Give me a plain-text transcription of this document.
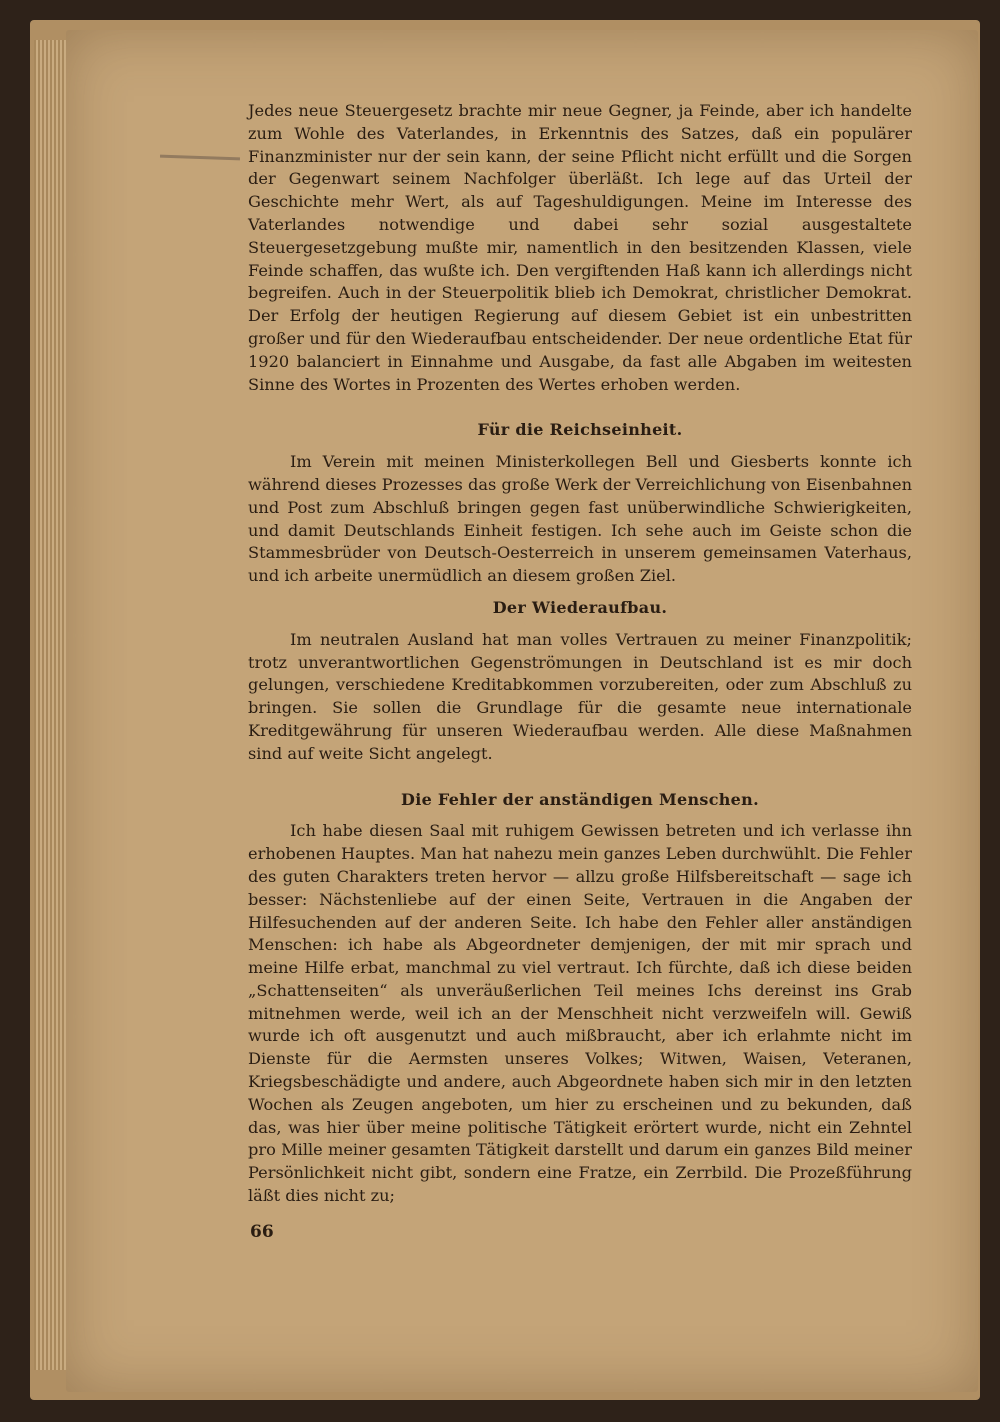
Jedes neue Steuergesetz brachte mir neue Gegner, ja Feinde, aber ich handelte zum Wohle des Vaterlandes, in Erkenntnis des Satzes, daß ein populärer Finanzminister nur der sein kann, der seine Pflicht nicht erfüllt und die Sorgen der Gegenwart seinem Nachfolger überläßt. Ich lege auf das Urteil der Geschichte mehr Wert, als auf Tageshuldigungen. Meine im Interesse des Vaterlandes notwendige und dabei sehr sozial ausgestaltete Steuergesetzgebung mußte mir, namentlich in den besitzenden Klassen, viele Feinde schaffen, das wußte ich. Den vergiftenden Haß kann ich allerdings nicht begreifen. Auch in der Steuerpolitik blieb ich Demokrat, christlicher Demokrat. Der Erfolg der heutigen Regierung auf diesem Gebiet ist ein unbestritten großer und für den Wiederaufbau entscheidender. Der neue ordentliche Etat für 1920 balanciert in Einnahme und Ausgabe, da fast alle Abgaben im weitesten Sinne des Wortes in Prozenten des Wertes erhoben werden.

Für die Reichseinheit.

Im Verein mit meinen Ministerkollegen Bell und Giesberts konnte ich während dieses Prozesses das große Werk der Verreichlichung von Eisenbahnen und Post zum Abschluß bringen gegen fast unüberwindliche Schwierigkeiten, und damit Deutschlands Einheit festigen. Ich sehe auch im Geiste schon die Stammesbrüder von Deutsch-Oesterreich in unserem gemeinsamen Vaterhaus, und ich arbeite unermüdlich an diesem großen Ziel.

Der Wiederaufbau.

Im neutralen Ausland hat man volles Vertrauen zu meiner Finanzpolitik; trotz unverantwortlichen Gegenströmungen in Deutschland ist es mir doch gelungen, verschiedene Kreditabkommen vorzubereiten, oder zum Abschluß zu bringen. Sie sollen die Grundlage für die gesamte neue internationale Kreditgewährung für unseren Wiederaufbau werden. Alle diese Maßnahmen sind auf weite Sicht angelegt.

Die Fehler der anständigen Menschen.

Ich habe diesen Saal mit ruhigem Gewissen betreten und ich verlasse ihn erhobenen Hauptes. Man hat nahezu mein ganzes Leben durchwühlt. Die Fehler des guten Charakters treten hervor — allzu große Hilfsbereitschaft — sage ich besser: Nächstenliebe auf der einen Seite, Vertrauen in die Angaben der Hilfesuchenden auf der anderen Seite. Ich habe den Fehler aller anständigen Menschen: ich habe als Abgeordneter demjenigen, der mit mir sprach und meine Hilfe erbat, manchmal zu viel vertraut. Ich fürchte, daß ich diese beiden „Schattenseiten“ als unveräußerlichen Teil meines Ichs dereinst ins Grab mitnehmen werde, weil ich an der Menschheit nicht verzweifeln will. Gewiß wurde ich oft ausgenutzt und auch mißbraucht, aber ich erlahmte nicht im Dienste für die Aermsten unseres Volkes; Witwen, Waisen, Veteranen, Kriegsbeschädigte und andere, auch Abgeordnete haben sich mir in den letzten Wochen als Zeugen angeboten, um hier zu erscheinen und zu bekunden, daß das, was hier über meine politische Tätigkeit erörtert wurde, nicht ein Zehntel pro Mille meiner gesamten Tätigkeit darstellt und darum ein ganzes Bild meiner Persönlichkeit nicht gibt, sondern eine Fratze, ein Zerrbild. Die Prozeßführung läßt dies nicht zu;

66
